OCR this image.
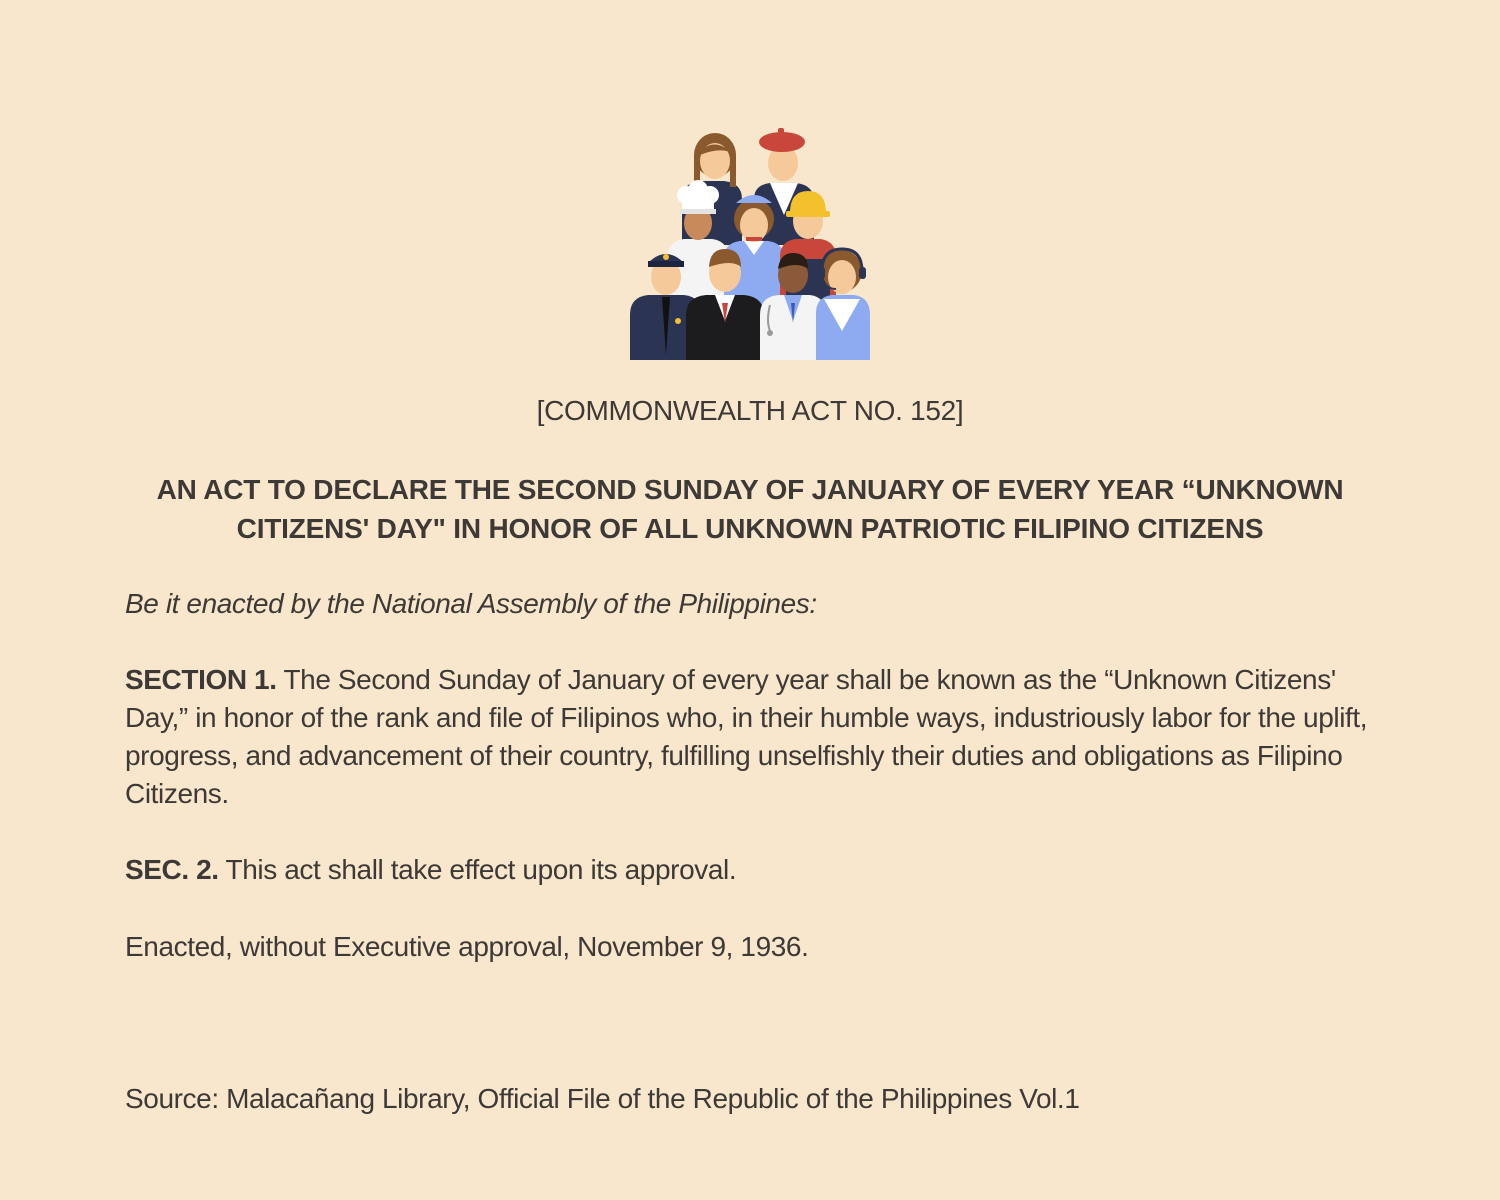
[COMMONWEALTH ACT NO. 152]
AN ACT TO DECLARE THE SECOND SUNDAY OF JANUARY OF EVERY YEAR “UNKNOWN CITIZENS' DAY" IN HONOR OF ALL UNKNOWN PATRIOTIC FILIPINO CITIZENS
Be it enacted by the National Assembly of the Philippines:
SECTION 1. The Second Sunday of January of every year shall be known as the “Unknown Citizens' Day,” in honor of the rank and file of Filipinos who, in their humble ways, industriously labor for the uplift, progress, and advancement of their country, fulfilling unselfishly their duties and obligations as Filipino Citizens.
SEC. 2. This act shall take effect upon its approval.
Enacted, without Executive approval, November 9, 1936.
Source: Malacañang Library, Official File of the Republic of the Philippines Vol.1
